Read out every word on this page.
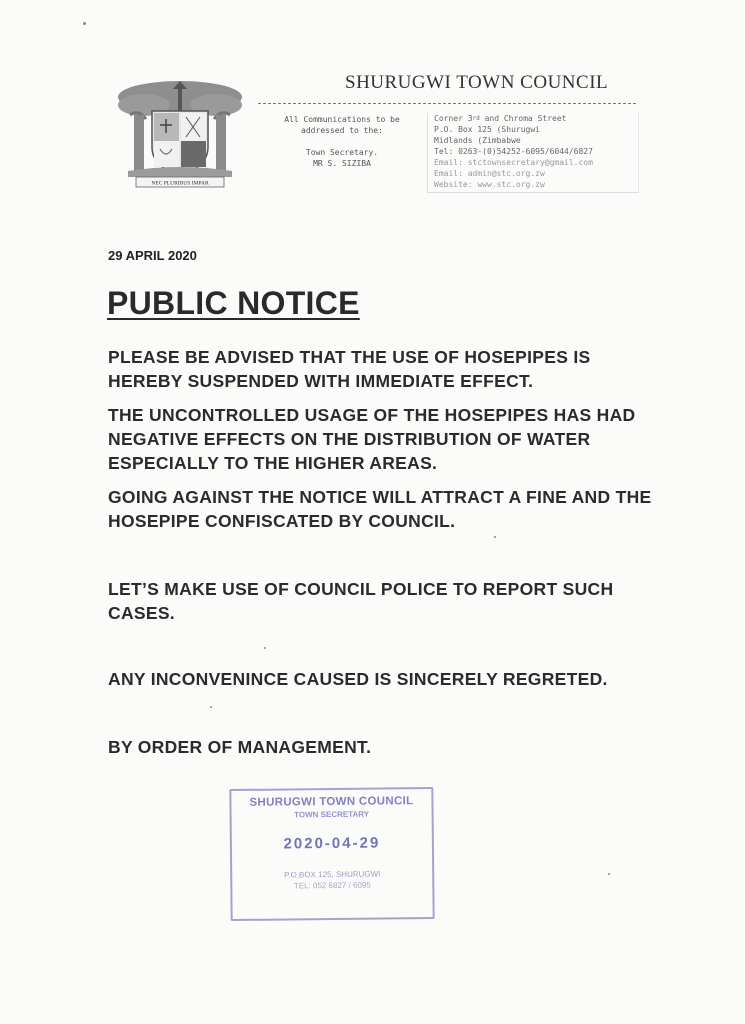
NEC PLURIBUS IMPAR
SHURUGWI TOWN COUNCIL
All Communications to be
addressed to the:
Town Secretary.
MR S. SIZIBA
Corner 3rd and Chroma Street
P.O. Box 125 (Shurugwi
Midlands (Zimbabwe
Tel: 0263-(0)54252-6095/6044/6827
Email: stctownsecretary@gmail.com
Email: admin@stc.org.zw
Website: www.stc.org.zw
29 APRIL 2020
PUBLIC NOTICE
PLEASE BE ADVISED THAT THE USE OF HOSEPIPES IS HEREBY SUSPENDED WITH IMMEDIATE EFFECT.
THE UNCONTROLLED USAGE OF THE HOSEPIPES HAS HAD NEGATIVE EFFECTS ON THE DISTRIBUTION OF WATER ESPECIALLY TO THE HIGHER AREAS.
GOING AGAINST THE NOTICE WILL ATTRACT A FINE AND THE HOSEPIPE CONFISCATED BY COUNCIL.
LET’S MAKE USE OF COUNCIL POLICE TO REPORT SUCH CASES.
ANY INCONVENINCE CAUSED IS SINCERELY REGRETED.
BY ORDER OF MANAGEMENT.
SHURUGWI TOWN COUNCIL
TOWN SECRETARY
2020-04-29
P.O.BOX 125, SHURUGWI
TEL: 052 6827 / 6095
